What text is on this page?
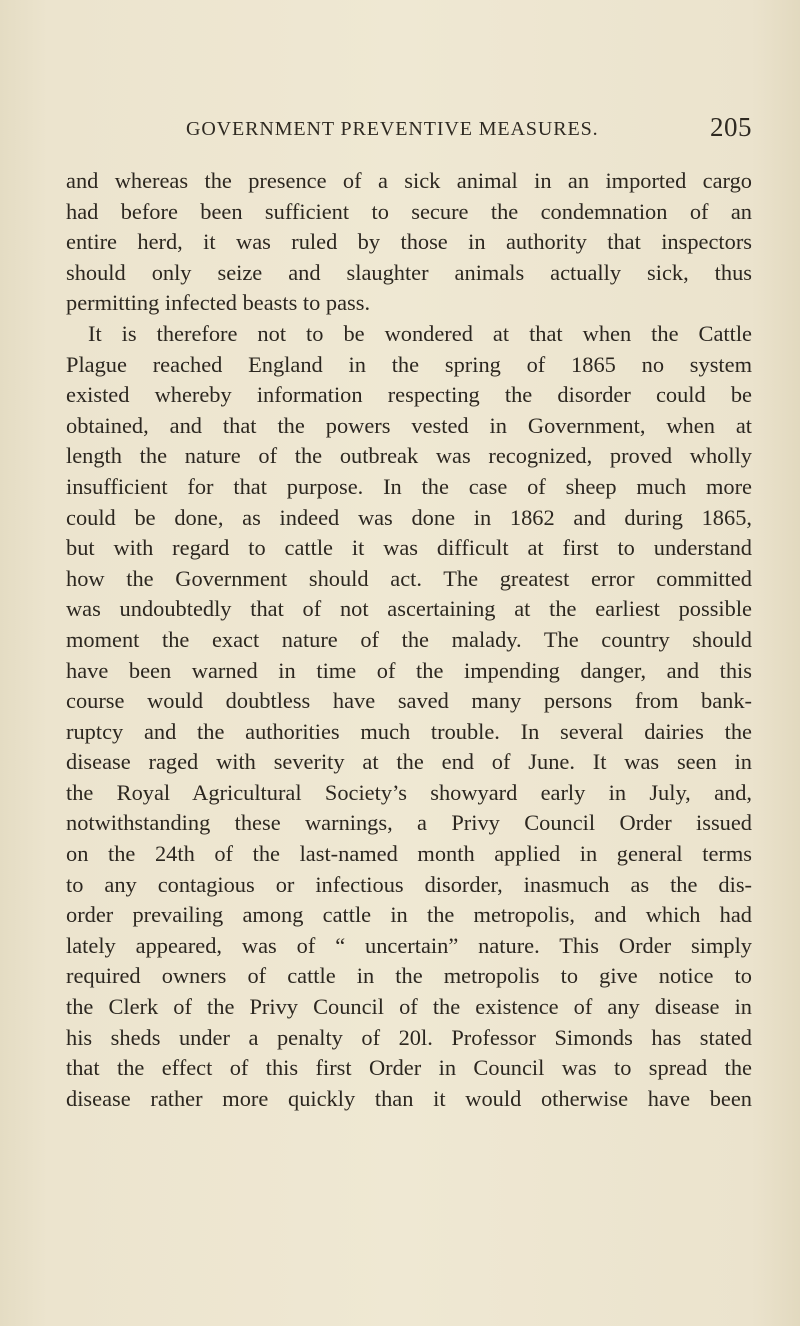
GOVERNMENT PREVENTIVE MEASURES.	205
and whereas the presence of a sick animal in an imported cargo
had before been sufficient to secure the condemnation of an
entire herd, it was ruled by those in authority that inspectors
should only seize and slaughter animals actually sick, thus
permitting infected beasts to pass.
It is therefore not to be wondered at that when the Cattle
Plague reached England in the spring of 1865 no system
existed whereby information respecting the disorder could be
obtained, and that the powers vested in Government, when at
length the nature of the outbreak was recognized, proved wholly
insufficient for that purpose. In the case of sheep much more
could be done, as indeed was done in 1862 and during 1865,
but with regard to cattle it was difficult at first to understand
how the Government should act. The greatest error committed
was undoubtedly that of not ascertaining at the earliest possible
moment the exact nature of the malady. The country should
have been warned in time of the impending danger, and this
course would doubtless have saved many persons from bank-
ruptcy and the authorities much trouble. In several dairies the
disease raged with severity at the end of June. It was seen in
the Royal Agricultural Society’s showyard early in July, and,
notwithstanding these warnings, a Privy Council Order issued
on the 24th of the last-named month applied in general terms
to any contagious or infectious disorder, inasmuch as the dis-
order prevailing among cattle in the metropolis, and which had
lately appeared, was of “ uncertain” nature. This Order simply
required owners of cattle in the metropolis to give notice to
the Clerk of the Privy Council of the existence of any disease in
his sheds under a penalty of 20l. Professor Simonds has stated
that the effect of this first Order in Council was to spread the
disease rather more quickly than it would otherwise have been
